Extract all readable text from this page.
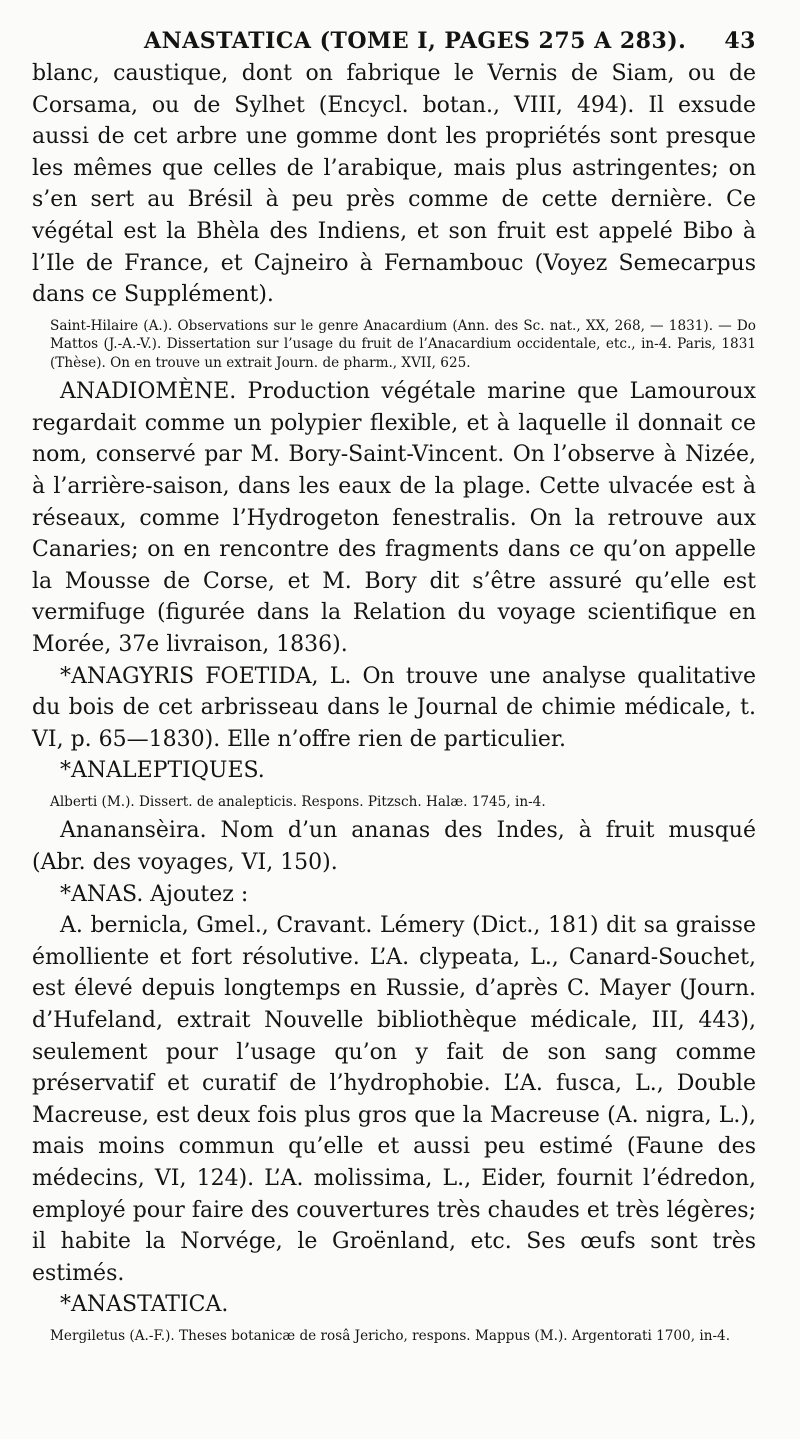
ANASTATICA (TOME I, PAGES 275 A 283). 43

blanc, caustique, dont on fabrique le Vernis de Siam, ou de Corsama, ou de Sylhet (Encycl. botan., VIII, 494). Il exsude aussi de cet arbre une gomme dont les propriétés sont presque les mêmes que celles de l’arabique, mais plus astringentes; on s’en sert au Brésil à peu près comme de cette dernière. Ce végétal est la Bhèla des Indiens, et son fruit est appelé Bibo à l’Ile de France, et Cajneiro à Fernambouc (Voyez Semecarpus dans ce Supplément).

Saint-Hilaire (A.). Observations sur le genre Anacardium (Ann. des Sc. nat., XX, 268, — 1831). — Do Mattos (J.-A.-V.). Dissertation sur l’usage du fruit de l’Anacardium occidentale, etc., in-4. Paris, 1831 (Thèse). On en trouve un extrait Journ. de pharm., XVII, 625.

ANADIOMÈNE. Production végétale marine que Lamouroux regardait comme un polypier flexible, et à laquelle il donnait ce nom, conservé par M. Bory-Saint-Vincent. On l’observe à Nizée, à l’arrière-saison, dans les eaux de la plage. Cette ulvacée est à réseaux, comme l’Hydrogeton fenestralis. On la retrouve aux Canaries; on en rencontre des fragments dans ce qu’on appelle la Mousse de Corse, et M. Bory dit s’être assuré qu’elle est vermifuge (figurée dans la Relation du voyage scientifique en Morée, 37e livraison, 1836).

*ANAGYRIS FOETIDA, L. On trouve une analyse qualitative du bois de cet arbrisseau dans le Journal de chimie médicale, t. VI, p. 65—1830). Elle n’offre rien de particulier.

*ANALEPTIQUES.

Alberti (M.). Dissert. de analepticis. Respons. Pitzsch. Halæ. 1745, in-4.

Ananansèira. Nom d’un ananas des Indes, à fruit musqué (Abr. des voyages, VI, 150).

*ANAS. Ajoutez :

A. bernicla, Gmel., Cravant. Lémery (Dict., 181) dit sa graisse émolliente et fort résolutive. L’A. clypeata, L., Canard-Souchet, est élevé depuis longtemps en Russie, d’après C. Mayer (Journ. d’Hufeland, extrait Nouvelle bibliothèque médicale, III, 443), seulement pour l’usage qu’on y fait de son sang comme préservatif et curatif de l’hydrophobie. L’A. fusca, L., Double Macreuse, est deux fois plus gros que la Macreuse (A. nigra, L.), mais moins commun qu’elle et aussi peu estimé (Faune des médecins, VI, 124). L’A. molissima, L., Eider, fournit l’édredon, employé pour faire des couvertures très chaudes et très légères; il habite la Norvége, le Groënland, etc. Ses œufs sont très estimés.

*ANASTATICA.

Mergiletus (A.-F.). Theses botanicæ de rosâ Jericho, respons. Mappus (M.). Argentorati 1700, in-4.
